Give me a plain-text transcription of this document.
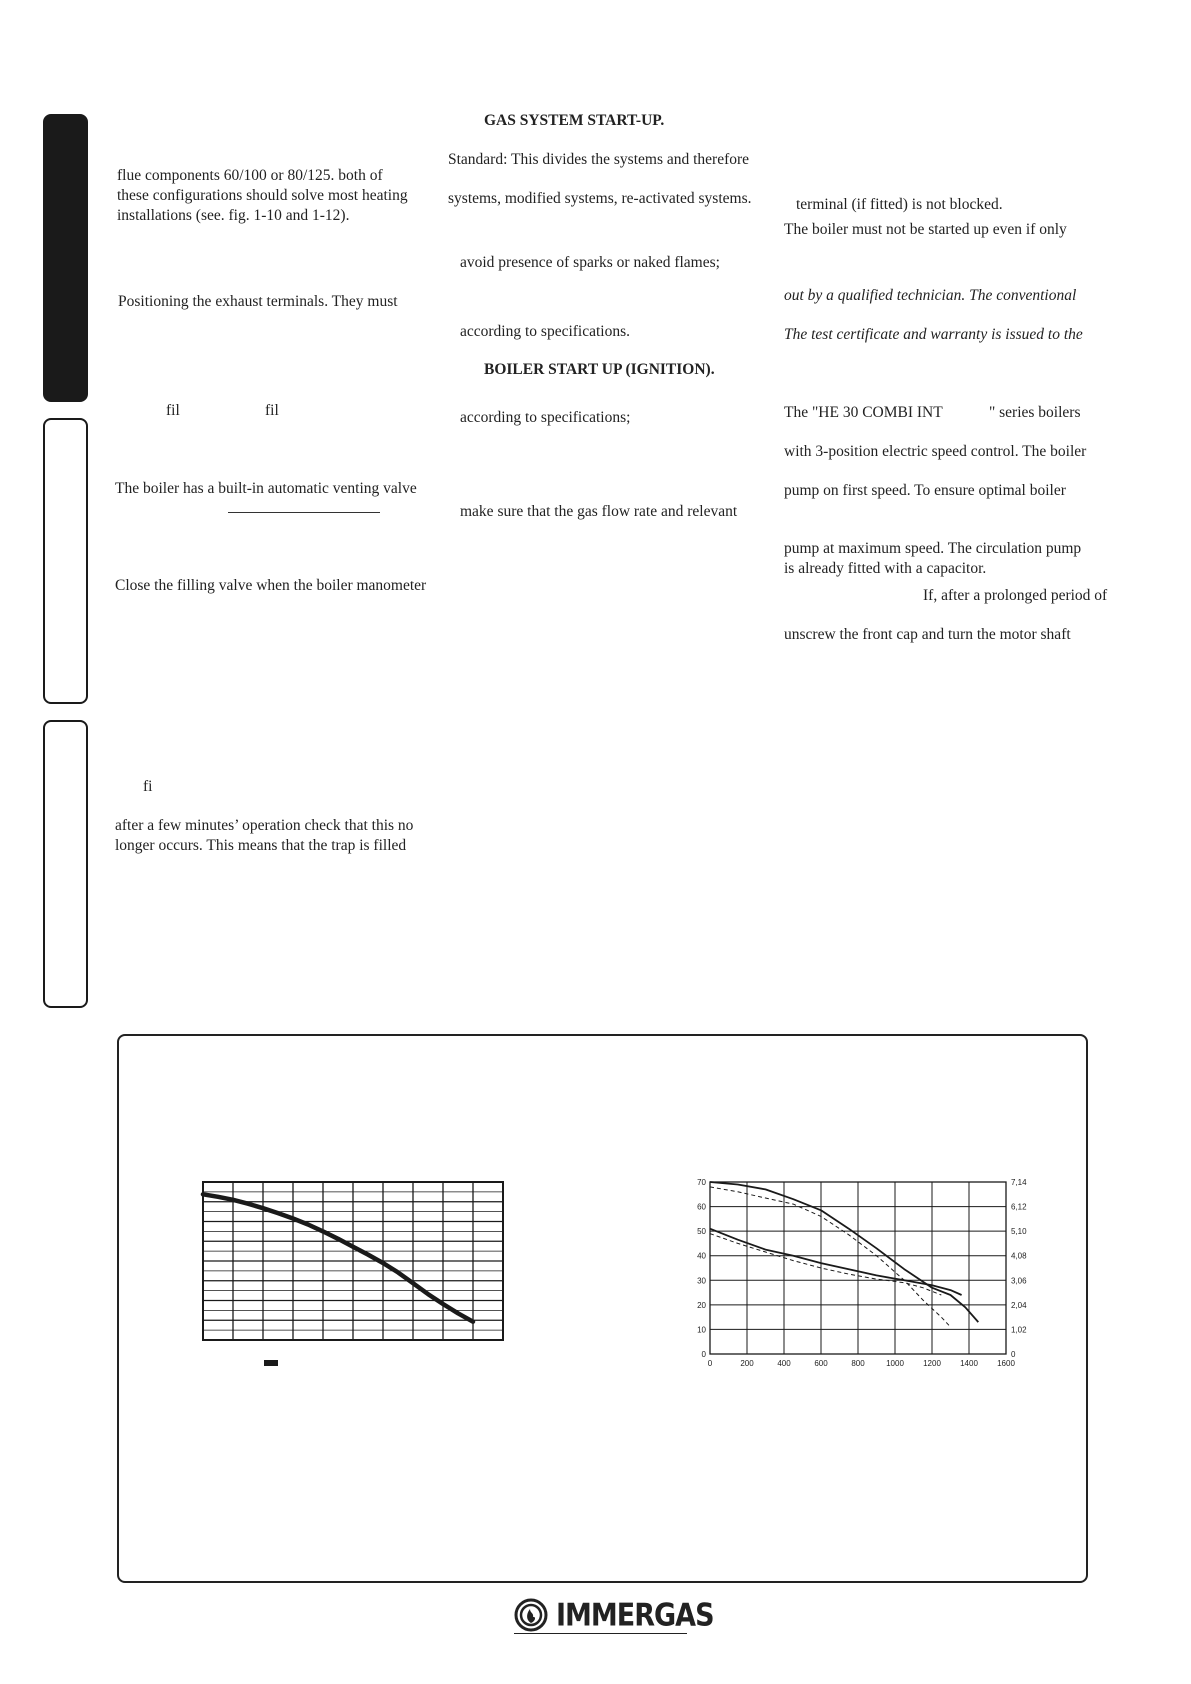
flue components 60/100 or 80/125. both of
these configurations should solve most heating
installations (see. fig. 1-10 and 1-12).
Positioning the exhaust terminals. They must
fil	fil
The boiler has a built-in automatic venting valve
Close the filling valve when the boiler manometer
fi
after a few minutes’ operation check that this no
longer occurs. This means that the trap is filled
GAS SYSTEM START-UP.
Standard: This divides the systems and therefore
systems, modified systems, re-activated systems.
avoid presence of sparks or naked flames;
according to specifications.
BOILER START UP (IGNITION).
according to specifications;
make sure that the gas flow rate and relevant
terminal (if fitted) is not blocked.
The boiler must not be started up even if only
out by a qualified technician. The conventional
The test certificate and warranty is issued to the
The "HE 30 COMBI INT            " series boilers
with 3-position electric speed control. The boiler
pump on first speed. To ensure optimal boiler
pump at maximum speed. The circulation pump
is already fitted with a capacitor.
If, after a prolonged period of
unscrew the front cap and turn the motor shaft
0	200	400	600	800	1000 1200 1400 1600
0
10
20
30
40
50
60
70
0
1,02
2,04
3,06
4,08
5,10
6,12
7,14
IMMERGAS
